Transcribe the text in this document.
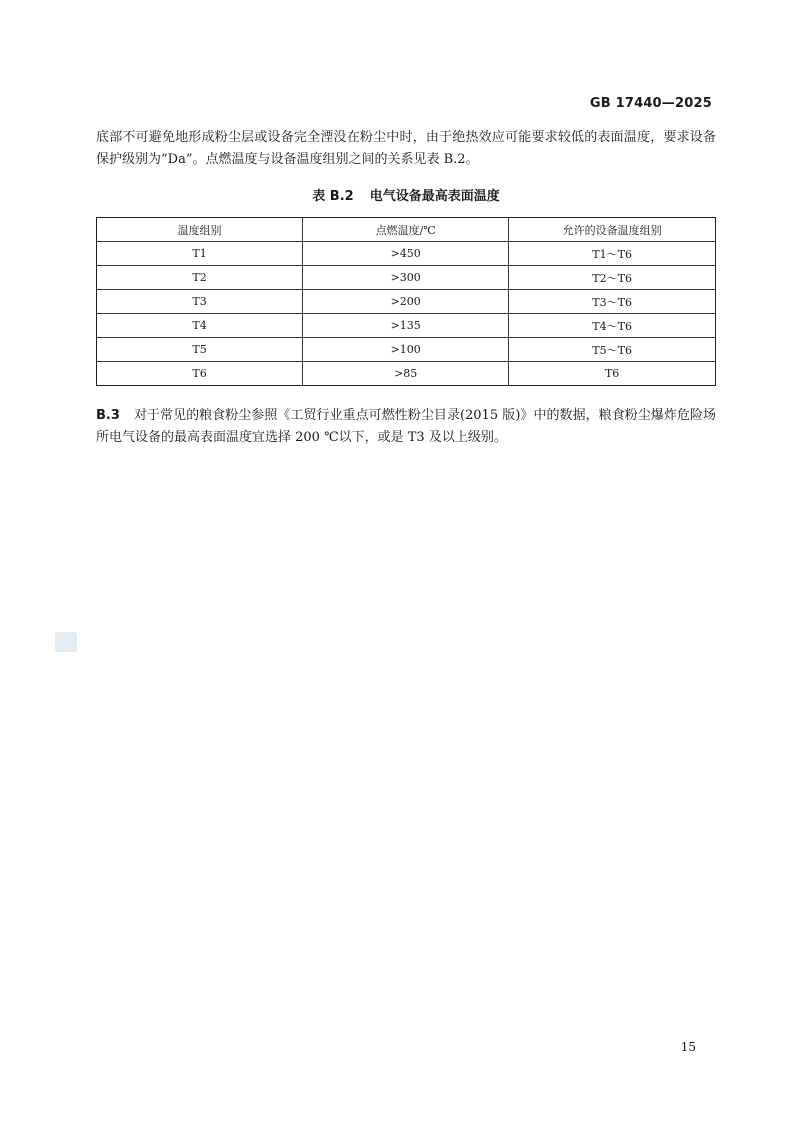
GB 17440—2025

底部不可避免地形成粉尘层或设备完全湮没在粉尘中时，由于绝热效应可能要求较低的表面温度，要求设备保护级别为“Da”。点燃温度与设备温度组别之间的关系见表 B.2。

表 B.2 电气设备最高表面温度
温度组别	点燃温度/℃	允许的设备温度组别
T1	>450	T1～T6
T2	>300	T2～T6
T3	>200	T3～T6
T4	>135	T4～T6
T5	>100	T5～T6
T6	>85	T6

B.3 对于常见的粮食粉尘参照《工贸行业重点可燃性粉尘目录(2015 版)》中的数据，粮食粉尘爆炸危险场所电气设备的最高表面温度宜选择 200 ℃以下，或是 T3 及以上级别。

15
